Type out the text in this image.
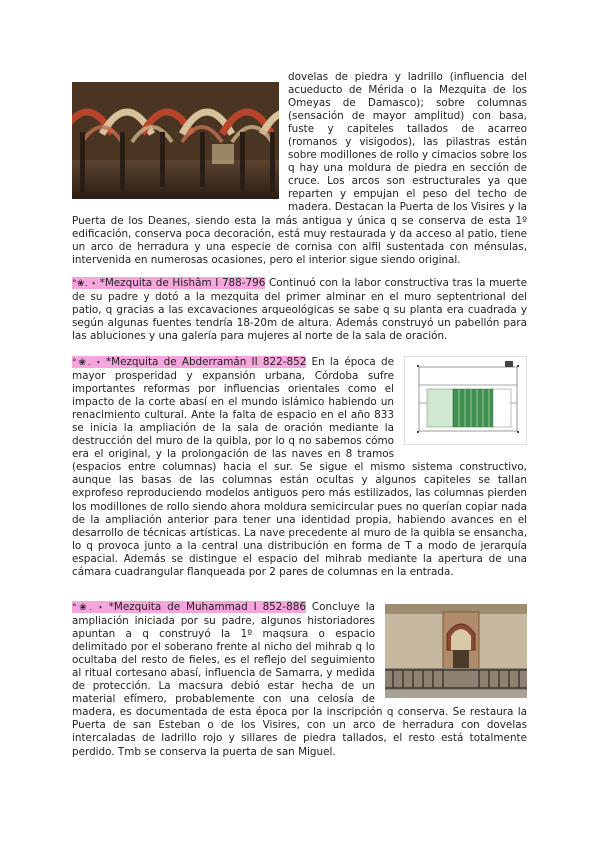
dovelas de piedra y ladrillo (influencia del acueducto de Mérida o la Mezquita de los Omeyas de Damasco); sobre columnas (sensación de mayor amplitud) con basa, fuste y capiteles tallados de acarreo (romanos y visigodos), las pilastras están sobre modillones de rollo y cimacios sobre los q hay una moldura de piedra en sección de cruce. Los arcos son estructurales ya que reparten y empujan el peso del techo de madera. Destacan la Puerta de los Visires y la Puerta de los Deanes, siendo esta la más antigua y única q se conserva de esta 1º edificación, conserva poca decoración, está muy restaurada y da acceso al patio, tiene un arco de herradura y una especie de cornisa con alfil sustentada con ménsulas, intervenida en numerosas ocasiones, pero el interior sigue siendo original.

°❀. ⋆ *Mezquita de Hishâm I 788-796 Continuó con la labor constructiva tras la muerte de su padre y dotó a la mezquita del primer alminar en el muro septentrional del patio, q gracias a las excavaciones arqueológicas se sabe q su planta era cuadrada y según algunas fuentes tendría 18-20m de altura. Además construyó un pabellón para las abluciones y una galería para mujeres al norte de la sala de oración.

°❀. ⋆ *Mezquita de Abderramán II 822-852 En la época de mayor prosperidad y expansión urbana, Córdoba sufre importantes reformas por influencias orientales como el impacto de la corte abasí en el mundo islámico habiendo un renacimiento cultural. Ante la falta de espacio en el año 833 se inicia la ampliación de la sala de oración mediante la destrucción del muro de la quibla, por lo q no sabemos cómo era el original, y la prolongación de las naves en 8 tramos (espacios entre columnas) hacia el sur. Se sigue el mismo sistema constructivo, aunque las basas de las columnas están ocultas y algunos capiteles se tallan exprofeso reproduciendo modelos antiguos pero más estilizados, las columnas pierden los modillones de rollo siendo ahora moldura semicircular pues no querían copiar nada de la ampliación anterior para tener una identidad propia, habiendo avances en el desarrollo de técnicas artísticas. La nave precedente al muro de la quibla se ensancha, lo q provoca junto a la central una distribución en forma de T a modo de jerarquía espacial. Además se distingue el espacio del mihrab mediante la apertura de una cámara cuadrangular flanqueada por 2 pares de columnas en la entrada.

°❀. ⋆ *Mezquita de Muhammad I 852-886 Concluye la ampliación iniciada por su padre, algunos historiadores apuntan a q construyó la 1º maqsura o espacio delimitado por el soberano frente al nicho del mihrab q lo ocultaba del resto de fieles, es el reflejo del seguimiento al ritual cortesano abasí, influencia de Samarra, y medida de protección. La macsura debió estar hecha de un material efímero, probablemente con una celosía de madera, es documentada de esta época por la inscripción q conserva. Se restaura la Puerta de san Esteban o de los Visires, con un arco de herradura con dovelas intercaladas de ladrillo rojo y sillares de piedra tallados, el resto está totalmente perdido. Tmb se conserva la puerta de san Miguel.
